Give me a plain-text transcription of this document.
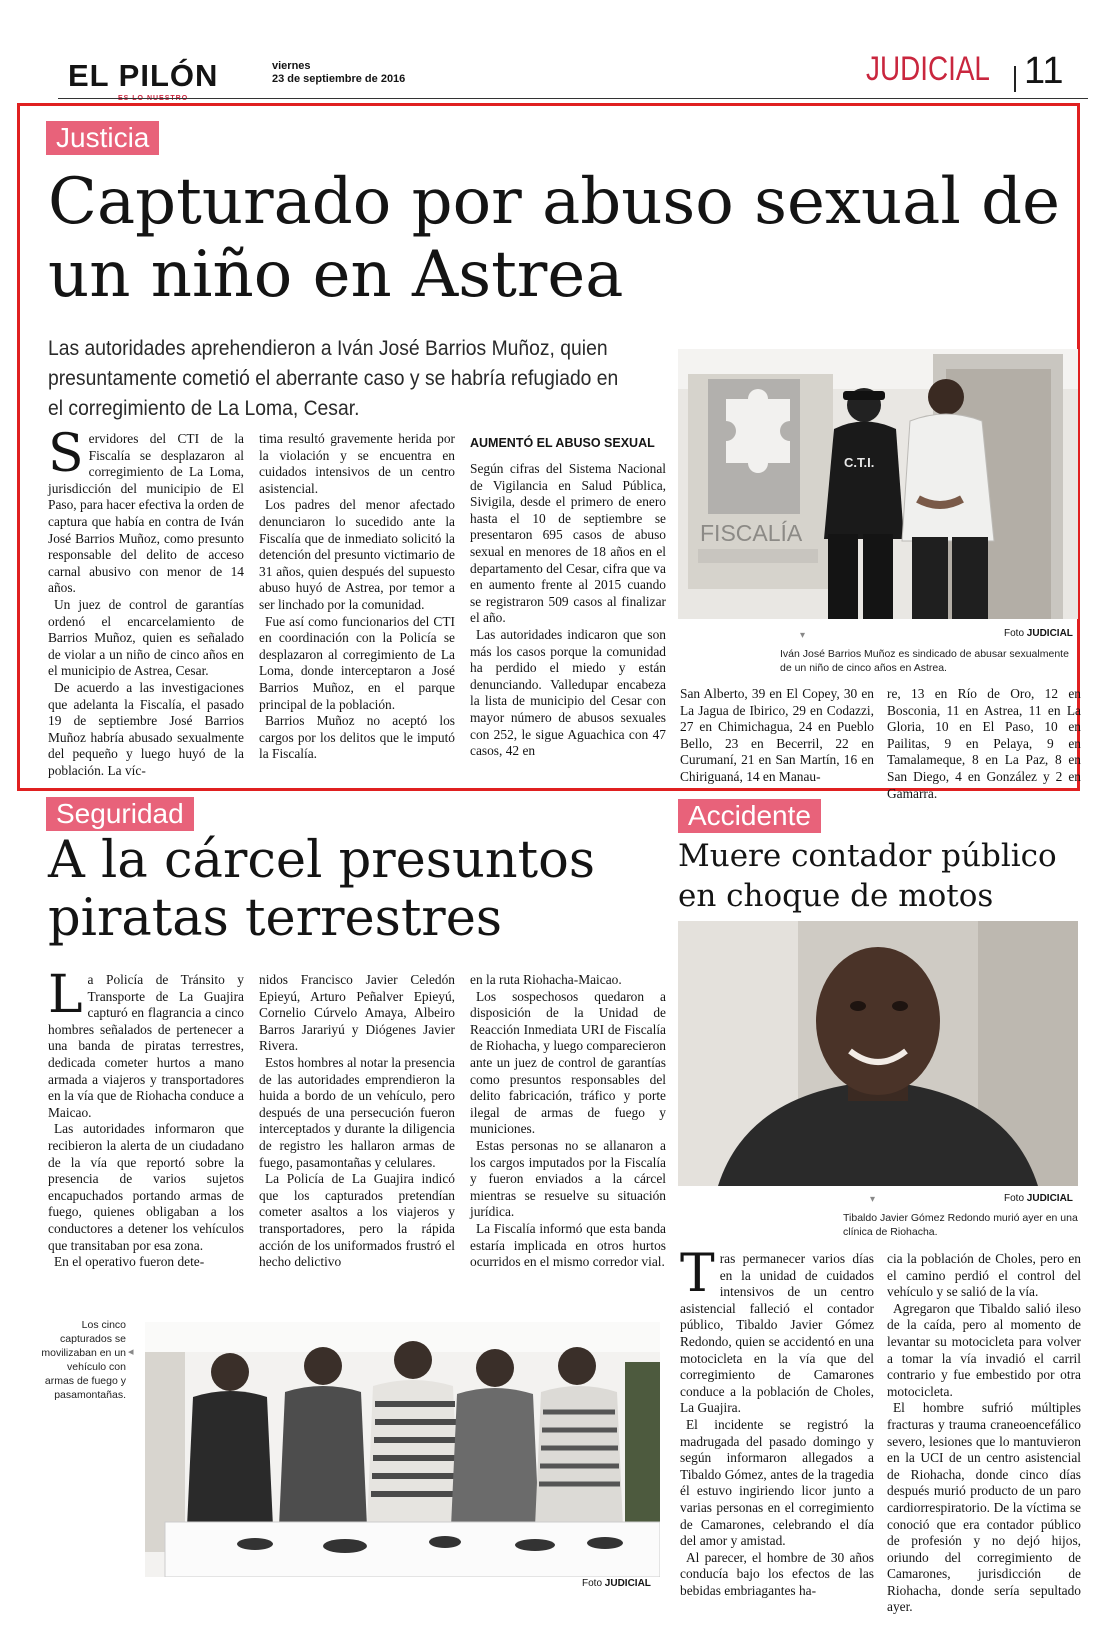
EL PILÓN	viernes
23 de septiembre de 2016	JUDICIAL 11
Justicia
Capturado por abuso sexual de un niño en Astrea
Las autoridades aprehendieron a Iván José Barrios Muñoz, quien presuntamente cometió el aberrante caso y se habría refugiado en el corregimiento de La Loma, Cesar.

Servidores del CTI de la Fiscalía se desplazaron al corregimiento de La Loma, jurisdicción del municipio de El Paso, para hacer efectiva la orden de captura que había en contra de Iván José Barrios Muñoz, como presunto responsable del delito de acceso carnal abusivo con menor de 14 años.

Un juez de control de garantías ordenó el encarcelamiento de Barrios Muñoz, quien es señalado de violar a un niño de cinco años en el municipio de Astrea, Cesar.

De acuerdo a las investigaciones que adelanta la Fiscalía, el pasado 19 de septiembre José Barrios Muñoz habría abusado sexualmente del pequeño y luego huyó de la población. La víc-

tima resultó gravemente herida por la violación y se encuentra en cuidados intensivos de un centro asistencial.

Los padres del menor afectado denunciaron lo sucedido ante la Fiscalía que de inmediato solicitó la detención del presunto victimario de 31 años, quien después del supuesto abuso huyó de Astrea, por temor a ser linchado por la comunidad.

Fue así como funcionarios del CTI en coordinación con la Policía se desplazaron al corregimiento de La Loma, donde interceptaron a José Barrios Muñoz, en el parque principal de la población.

Barrios Muñoz no aceptó los cargos por los delitos que le imputó la Fiscalía.

AUMENTÓ EL ABUSO SEXUAL

Según cifras del Sistema Nacional de Vigilancia en Salud Pública, Sivigila, desde el primero de enero hasta el 10 de septiembre se presentaron 695 casos de abuso sexual en menores de 18 años en el departamento del Cesar, cifra que va en aumento frente al 2015 cuando se registraron 509 casos al finalizar el año.

Las autoridades indicaron que son más los casos porque la comunidad ha perdido el miedo y están denunciando. Valledupar encabeza la lista de municipio del Cesar con mayor número de abusos sexuales con 252, le sigue Aguachica con 47 casos, 42 en

FISCALÍA
C.T.I.
Foto JUDICIAL
▾
Iván José Barrios Muñoz es sindicado de abusar sexualmente de un niño de cinco años en Astrea.

San Alberto, 39 en El Copey, 30 en La Jagua de Ibirico, 29 en Codazzi, 27 en Chimichagua, 24 en Pueblo Bello, 23 en Becerril, 22 en Curumaní, 21 en San Martín, 16 en Chiriguaná, 14 en Manau-

re, 13 en Río de Oro, 12 en Bosconia, 11 en Astrea, 11 en La Gloria, 10 en El Paso, 10 en Pailitas, 9 en Pelaya, 9 en Tamalameque, 8 en La Paz, 8 en San Diego, 4 en González y 2 en Gamarra.

Seguridad
A la cárcel presuntos piratas terrestres

La Policía de Tránsito y Transporte de La Guajira capturó en flagrancia a cinco hombres señalados de pertenecer a una banda de piratas terrestres, dedicada cometer hurtos a mano armada a viajeros y transportadores en la vía que de Riohacha conduce a Maicao.

Las autoridades informaron que recibieron la alerta de un ciudadano de la vía que reportó sobre la presencia de varios sujetos encapuchados portando armas de fuego, quienes obligaban a los conductores a detener los vehículos que transitaban por esa zona.

En el operativo fueron dete-

nidos Francisco Javier Celedón Epieyú, Arturo Peñalver Epieyú, Cornelio Cúrvelo Amaya, Albeiro Barros Jarariyú y Diógenes Javier Rivera.

Estos hombres al notar la presencia de las autoridades emprendieron la huida a bordo de un vehículo, pero después de una persecución fueron interceptados y durante la diligencia de registro les hallaron armas de fuego, pasamontañas y celulares.

La Policía de La Guajira indicó que los capturados pretendían cometer asaltos a los viajeros y transportadores, pero la rápida acción de los uniformados frustró el hecho delictivo

en la ruta Riohacha-Maicao.

Los sospechosos quedaron a disposición de la Unidad de Reacción Inmediata URI de Fiscalía de Riohacha, y luego comparecieron ante un juez de control de garantías como presuntos responsables del delito fabricación, tráfico y porte ilegal de armas de fuego y municiones.

Estas personas no se allanaron a los cargos imputados por la Fiscalía y fueron enviados a la cárcel mientras se resuelve su situación jurídica.

La Fiscalía informó que esta banda estaría implicada en otros hurtos ocurridos en el mismo corredor vial.

Los cinco capturados se movilizaban en un vehículo con armas de fuego y pasamontañas.
◂
Foto JUDICIAL
Accidente
Muere contador público en choque de motos
Foto JUDICIAL
▾
Tibaldo Javier Gómez Redondo murió ayer en una clínica de Riohacha.

Tras permanecer varios días en la unidad de cuidados intensivos de un centro asistencial falleció el contador público, Tibaldo Javier Gómez Redondo, quien se accidentó en una motocicleta en la vía que del corregimiento de Camarones conduce a la población de Choles, La Guajira.

El incidente se registró la madrugada del pasado domingo y según informaron allegados a Tibaldo Gómez, antes de la tragedia él estuvo ingiriendo licor junto a varias personas en el corregimiento de Camarones, celebrando el día del amor y amistad.

Al parecer, el hombre de 30 años conducía bajo los efectos de las bebidas embriagantes ha-

cia la población de Choles, pero en el camino perdió el control del vehículo y se salió de la vía.

Agregaron que Tibaldo salió ileso de la caída, pero al momento de levantar su motocicleta para volver a tomar la vía invadió el carril contrario y fue embestido por otra motocicleta.

El hombre sufrió múltiples fracturas y trauma craneoencefálico severo, lesiones que lo mantuvieron en la UCI de un centro asistencial de Riohacha, donde cinco días después murió producto de un paro cardiorrespiratorio. De la víctima se conoció que era contador público de profesión y no dejó hijos, oriundo del corregimiento de Camarones, jurisdicción de Riohacha, donde sería sepultado ayer.
